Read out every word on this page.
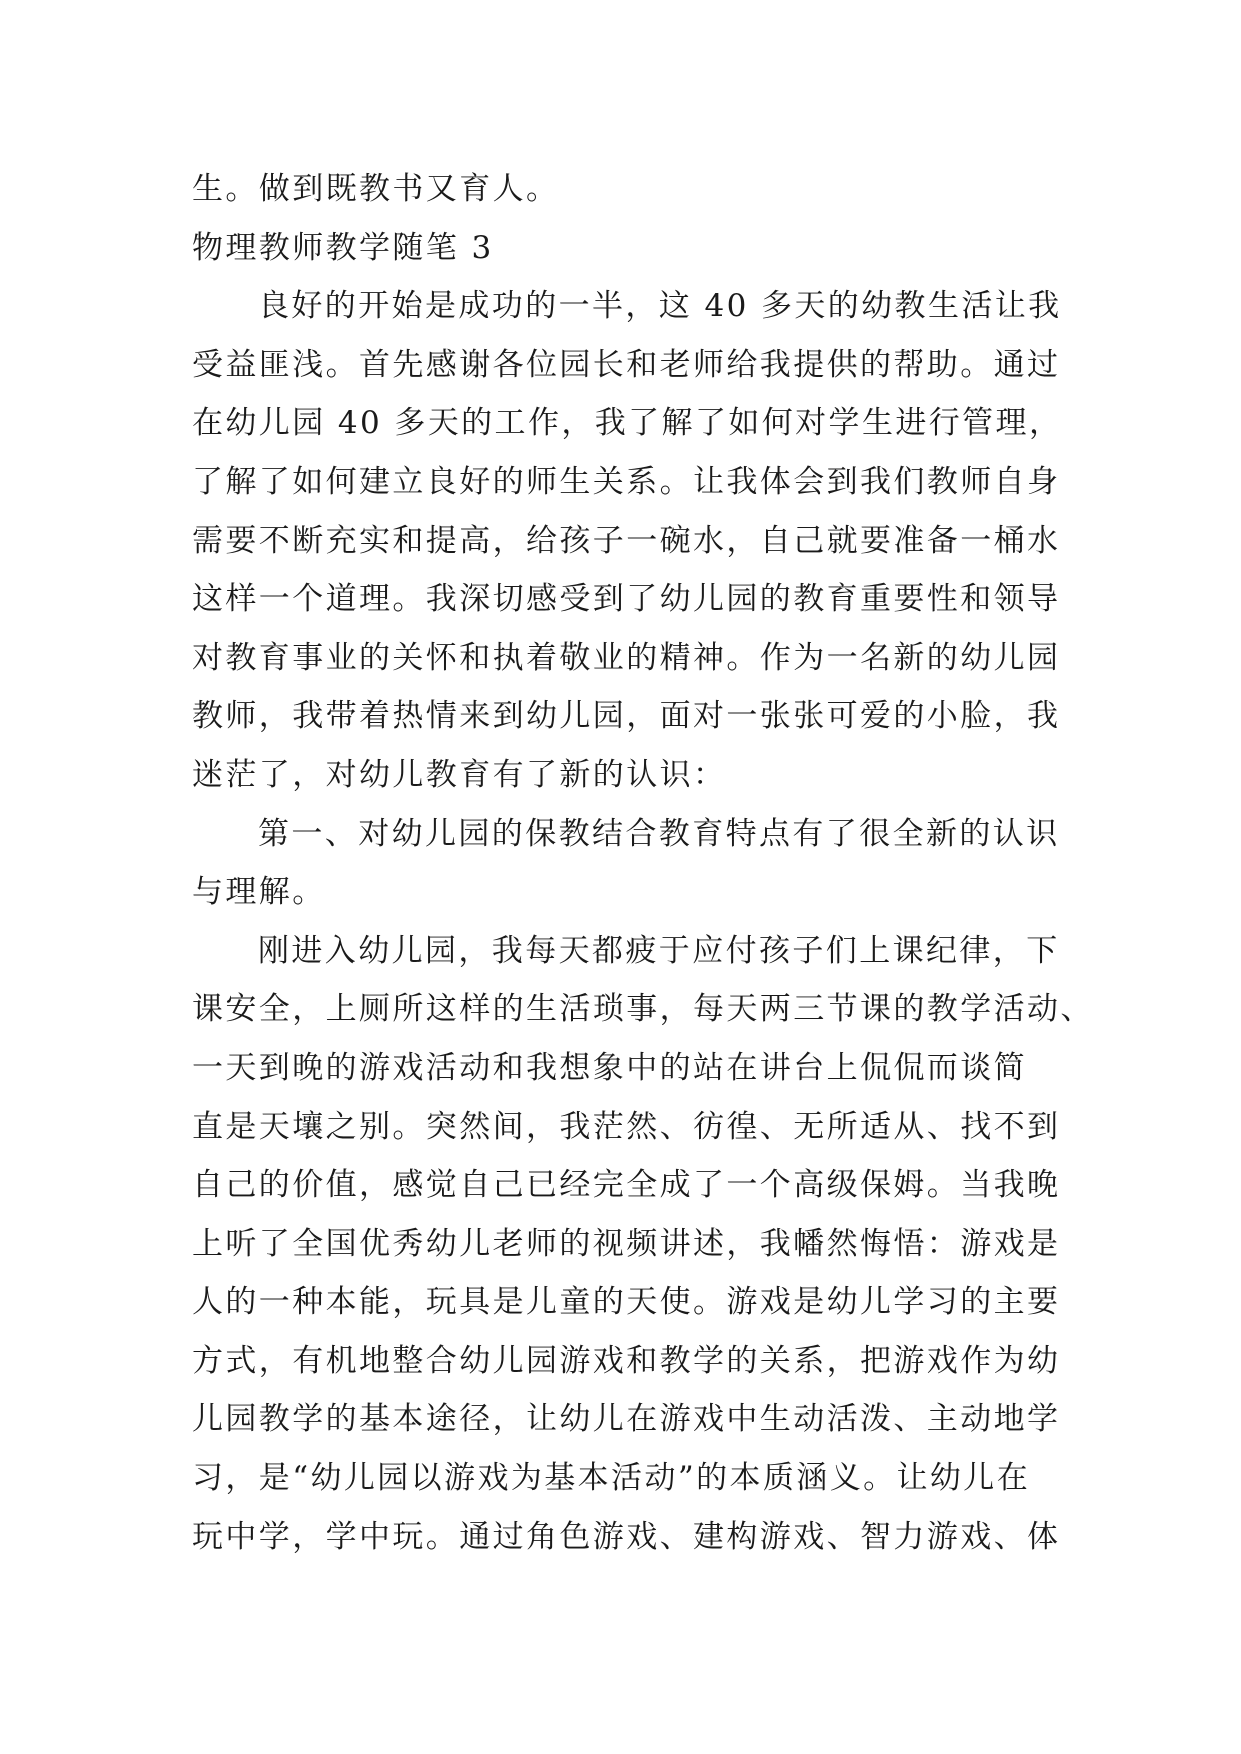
生。做到既教书又育人。
物理教师教学随笔 3
良好的开始是成功的一半，这 40 多天的幼教生活让我
受益匪浅。首先感谢各位园长和老师给我提供的帮助。通过
在幼儿园 40 多天的工作，我了解了如何对学生进行管理，
了解了如何建立良好的师生关系。让我体会到我们教师自身
需要不断充实和提高，给孩子一碗水，自己就要准备一桶水
这样一个道理。我深切感受到了幼儿园的教育重要性和领导
对教育事业的关怀和执着敬业的精神。作为一名新的幼儿园
教师，我带着热情来到幼儿园，面对一张张可爱的小脸，我
迷茫了，对幼儿教育有了新的认识：
第一、对幼儿园的保教结合教育特点有了很全新的认识
与理解。
刚进入幼儿园，我每天都疲于应付孩子们上课纪律，下
课安全，上厕所这样的生活琐事，每天两三节课的教学活动、
一天到晚的游戏活动和我想象中的站在讲台上侃侃而谈简
直是天壤之别。突然间，我茫然、彷徨、无所适从、找不到
自己的价值，感觉自己已经完全成了一个高级保姆。当我晚
上听了全国优秀幼儿老师的视频讲述，我幡然悔悟：游戏是
人的一种本能，玩具是儿童的天使。游戏是幼儿学习的主要
方式，有机地整合幼儿园游戏和教学的关系，把游戏作为幼
儿园教学的基本途径，让幼儿在游戏中生动活泼、主动地学
习，是“幼儿园以游戏为基本活动”的本质涵义。让幼儿在
玩中学，学中玩。通过角色游戏、建构游戏、智力游戏、体
